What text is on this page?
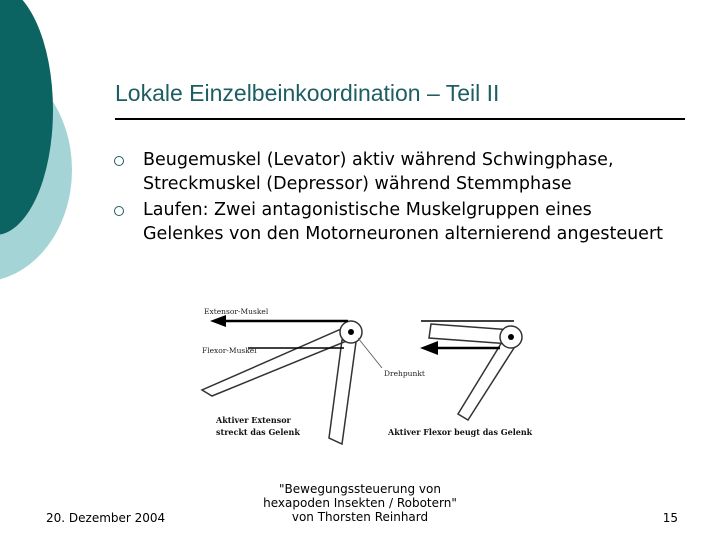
Lokale Einzelbeinkoordination – Teil II
Beugemuskel (Levator) aktiv während Schwingphase, Streckmuskel (Depressor) während Stemmphase
Laufen: Zwei antagonistische Muskelgruppen eines Gelenkes von den Motorneuronen alternierend angesteuert
Extensor-Muskel
Flexor-Muskel
Aktiver Extensor
streckt das Gelenk
Drehpunkt
Aktiver Flexor beugt das Gelenk
20. Dezember 2004
"Bewegungssteuerung von
hexapoden Insekten / Robotern"
von Thorsten Reinhard	15
